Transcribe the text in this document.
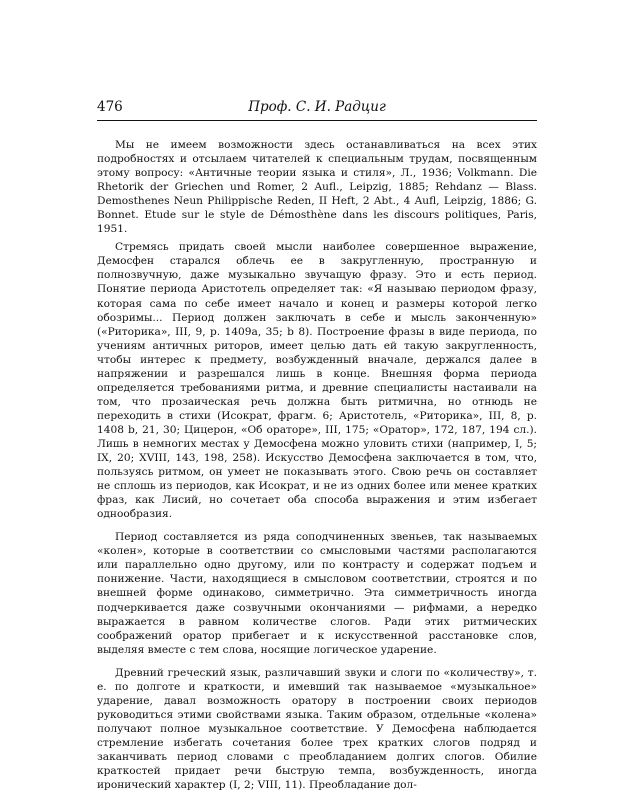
476	Проф. С. И. Радциг

Мы не имеем возможности здесь останавливаться на всех этих подробностях и отсылаем читателей к специальным трудам, посвященным этому вопросу: «Античные теории языка и стиля», Л., 1936; Volkmann. Die Rhetorik der Griechen und Romer, 2 Aufl., Leipzig, 1885; Rehdanz — Blass. Demosthenes Neun Philippische Reden, II Heft, 2 Abt., 4 Aufl, Leipzig, 1886; G. Bonnet. Etude sur le style de Démosthène dans les discours politiques, Paris, 1951.

Стремясь придать своей мысли наиболее совершенное выражение, Демосфен старался облечь ее в закругленную, пространную и полнозвучную, даже музыкально звучащую фразу. Это и есть период. Понятие периода Аристотель определяет так: «Я называю периодом фразу, которая сама по себе имеет начало и конец и размеры которой легко обозримы... Период должен заключать в себе и мысль законченную» («Риторика», III, 9, р. 1409a, 35; b 8). Построение фразы в виде периода, по учениям античных риторов, имеет целью дать ей такую закругленность, чтобы интерес к предмету, возбужденный вначале, держался далее в напряжении и разрешался лишь в конце. Внешняя форма периода определяется требованиями ритма, и древние специалисты настаивали на том, что прозаическая речь должна быть ритмична, но отнюдь не переходить в стихи (Исократ, фрагм. 6; Аристотель, «Риторика», III, 8, р. 1408 b, 21, 30; Цицерон, «Об ораторе», III, 175; «Оратор», 172, 187, 194 сл.). Лишь в немногих местах у Демосфена можно уловить стихи (например, I, 5; IX, 20; XVIII, 143, 198, 258). Искусство Демосфена заключается в том, что, пользуясь ритмом, он умеет не показывать этого. Свою речь он составляет не сплошь из периодов, как Исократ, и не из одних более или менее кратких фраз, как Лисий, но сочетает оба способа выражения и этим избегает однообразия.

Период составляется из ряда соподчиненных звеньев, так называемых «колен», которые в соответствии со смысловыми частями располагаются или параллельно одно другому, или по контрасту и содержат подъем и понижение. Части, находящиеся в смысловом соответствии, строятся и по внешней форме одинаково, симметрично. Эта симметричность иногда подчеркивается даже созвучными окончаниями — рифмами, а нередко выражается в равном количестве слогов. Ради этих ритмических соображений оратор прибегает и к искусственной расстановке слов, выделяя вместе с тем слова, носящие логическое ударение.

Древний греческий язык, различавший звуки и слоги по «количеству», т. е. по долготе и краткости, и имевший так называемое «музыкальное» ударение, давал возможность оратору в построении своих периодов руководиться этими свойствами языка. Таким образом, отдельные «колена» получают полное музыкальное соответствие. У Демосфена наблюдается стремление избегать сочетания более трех кратких слогов подряд и заканчивать период словами с преобладанием долгих слогов. Обилие краткостей придает речи быструю темпа, возбужденность, иногда иронический характер (I, 2; VIII, 11). Преобладание дол-
